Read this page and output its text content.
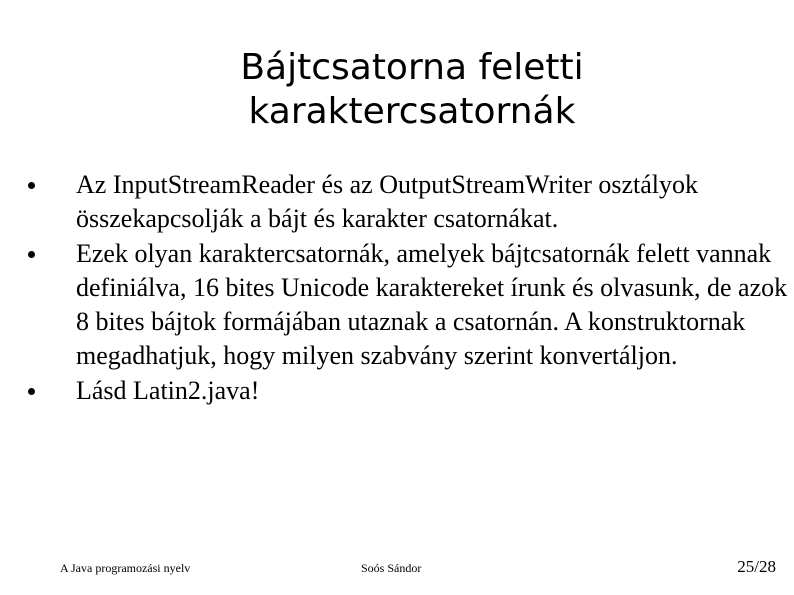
Bájtcsatorna feletti
karaktercsatornák
Az InputStreamReader és az OutputStreamWriter osztályok összekapcsolják a bájt és karakter csatornákat.
Ezek olyan karaktercsatornák, amelyek bájtcsatornák felett vannak definiálva, 16 bites Unicode karaktereket írunk és olvasunk, de azok 8 bites bájtok formájában utaznak a csatornán. A konstruktornak megadhatjuk, hogy milyen szabvány szerint konvertáljon.
Lásd Latin2.java!
A Java programozási nyelv	Soós Sándor	25/28
